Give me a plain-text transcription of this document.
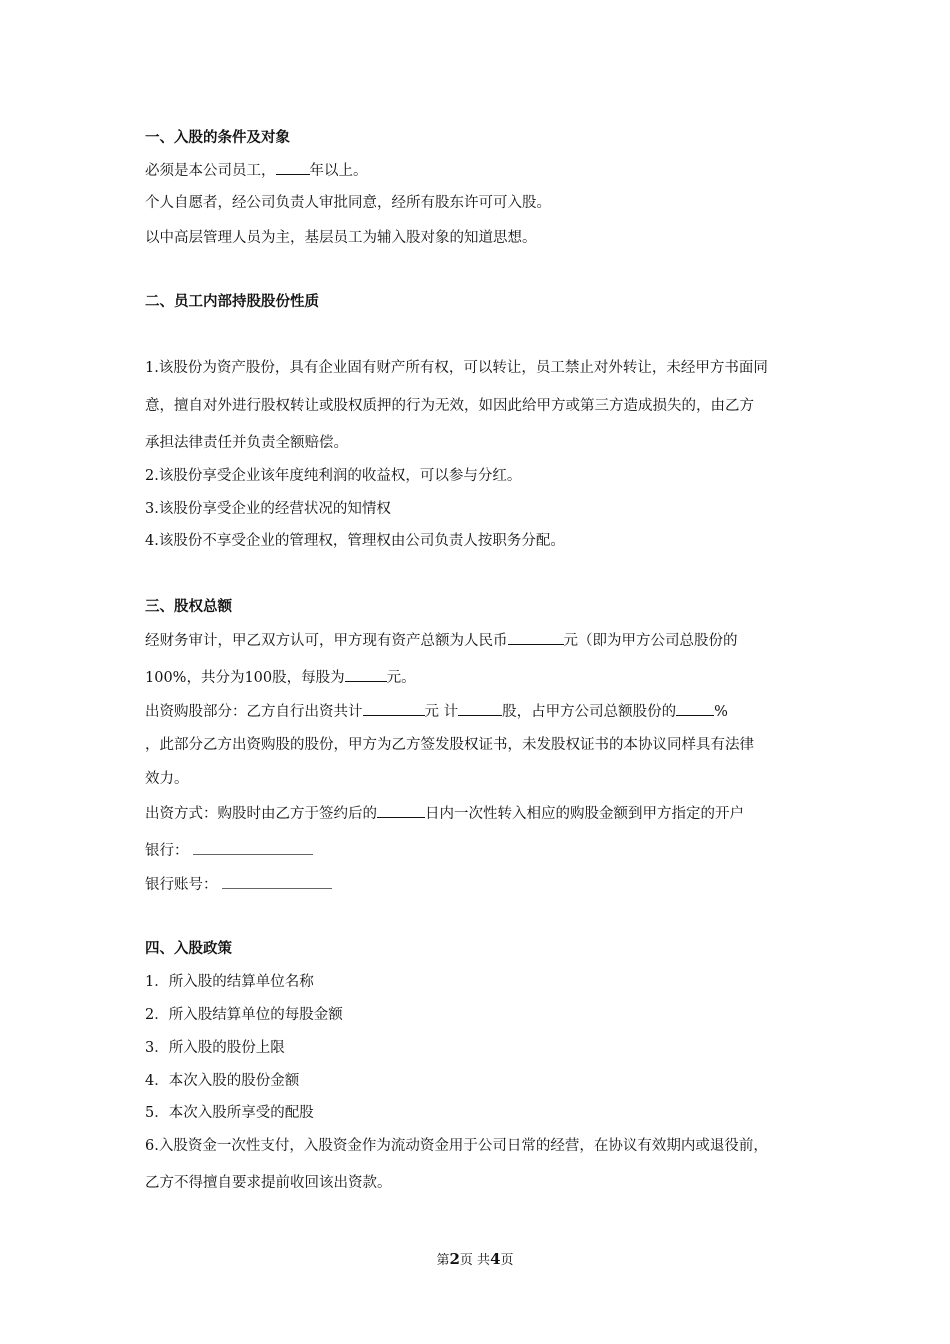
一、入股的条件及对象
必须是本公司员工， 年以上。
个人自愿者，经公司负责人审批同意，经所有股东许可可入股。
以中高层管理人员为主，基层员工为辅入股对象的知道思想。
二、员工内部持股股份性质
1.该股份为资产股份，具有企业固有财产所有权，可以转让，员工禁止对外转让，未经甲方书面同
意，擅自对外进行股权转让或股权质押的行为无效，如因此给甲方或第三方造成损失的，由乙方
承担法律责任并负责全额赔偿。
2.该股份享受企业该年度纯利润的收益权，可以参与分红。
3.该股份享受企业的经营状况的知情权
4.该股份不享受企业的管理权，管理权由公司负责人按职务分配。
三、股权总额
经财务审计，甲乙双方认可，甲方现有资产总额为人民币	元（即为甲方公司总股份的
100%，共分为100股，每股为	元。
出资购股部分：乙方自行出资共计	元 计	股，占甲方公司总额股份的	%
，此部分乙方出资购股的股份，甲方为乙方签发股权证书，未发股权证书的本协议同样具有法律
效力。
出资方式：购股时由乙方于签约后的	日内一次性转入相应的购股金额到甲方指定的开户
银行：
银行账号：
四、入股政策
1．所入股的结算单位名称
2．所入股结算单位的每股金额
3．所入股的股份上限
4．本次入股的股份金额
5．本次入股所享受的配股
6.入股资金一次性支付，入股资金作为流动资金用于公司日常的经营，在协议有效期内或退役前，
乙方不得擅自要求提前收回该出资款。
第2页 共4页
